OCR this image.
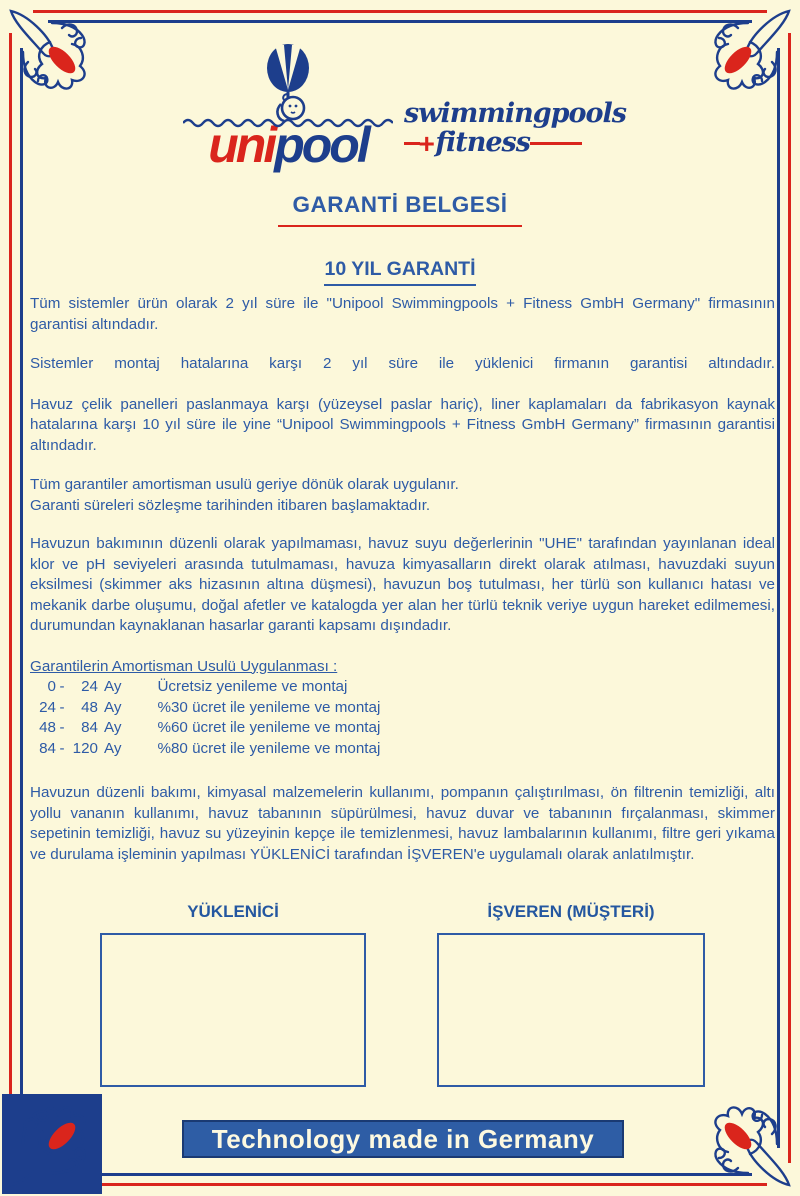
unipool
swimmingpools
+ fitness
GARANTİ BELGESİ
10 YIL GARANTİ

Tüm sistemler ürün olarak 2 yıl süre ile "Unipool Swimmingpools + Fitness GmbH Germany" firmasının garantisi altındadır.

Sistemler montaj hatalarına karşı 2 yıl süre ile yüklenici firmanın garantisi altındadır.

Havuz çelik panelleri paslanmaya karşı (yüzeysel paslar hariç), liner kaplamaları da fabrikasyon kaynak hatalarına karşı 10 yıl süre ile yine “Unipool Swimmingpools + Fitness GmbH Germany” firmasının garantisi altındadır.

Tüm garantiler amortisman usulü geriye dönük olarak uygulanır.
Garanti süreleri sözleşme tarihinden itibaren başlamaktadır.

Havuzun bakımının düzenli olarak yapılmaması, havuz suyu değerlerinin "UHE" tarafından yayınlanan ideal klor ve pH seviyeleri arasında tutulmaması, havuza kimyasalların direkt olarak atılması, havuzdaki suyun eksilmesi (skimmer aks hizasının altına düşmesi), havuzun boş tutulması, her türlü son kullanıcı hatası ve mekanik darbe oluşumu, doğal afetler ve katalogda yer alan her türlü teknik veriye uygun hareket edilmemesi, durumundan kaynaklanan hasarlar garanti kapsamı dışındadır.

Garantilerin Amortisman Usulü Uygulanması :
0 - 24 Ay Ücretsiz yenileme ve montaj
24 - 48 Ay %30 ücret ile yenileme ve montaj
48 - 84 Ay %60 ücret ile yenileme ve montaj
84 - 120 Ay %80 ücret ile yenileme ve montaj

Havuzun düzenli bakımı, kimyasal malzemelerin kullanımı, pompanın çalıştırılması, ön filtrenin temizliği, altı yollu vananın kullanımı, havuz tabanının süpürülmesi, havuz duvar ve tabanının fırçalanması, skimmer sepetinin temizliği, havuz su yüzeyinin kepçe ile temizlenmesi, havuz lambalarının kullanımı, filtre geri yıkama ve durulama işleminin yapılması YÜKLENİCİ tarafından İŞVEREN'e uygulamalı olarak anlatılmıştır.

YÜKLENİCİ	İŞVEREN (MÜŞTERİ)
Technology made in Germany
